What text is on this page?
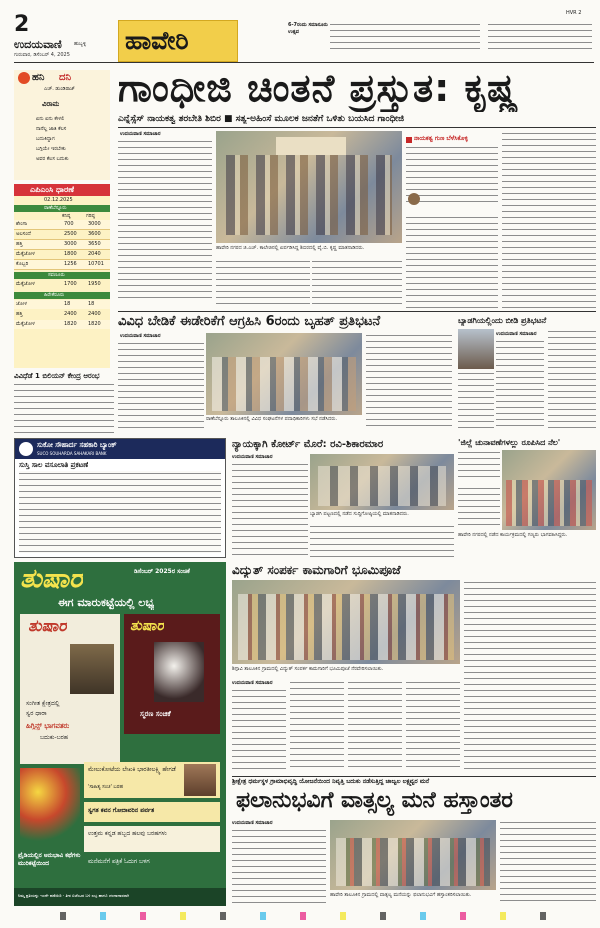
2
ಉದಯವಾಣಿ ಹುಬ್ಬಳ್ಳಿ
ಗುರುವಾರ, ಡಿಸೆಂಬರ್ 4, 2025 ಹಾವೇರಿ
6-7ರಂದು ಸಮಾನೂರು ಉತ್ಸವ
HVR 2
ಹನಿ ದನಿ
ಎಚ್. ಡುಂಡಿರಾಜ್
ವಿರಾಮ
ಏನು ಏನು ಕೇಳಲಿ
ನಾನೆಲ್ಲ ಜಾತಿ ಕೆಲಸ
ಬದುಕಿದ್ದಾಗ
ಬಗ್ಗಿಯೇ ಇರಬೇಕು
ಅವರ ಕೆಲಸ ಬದುಕು
ಎಪಿಎಂಸಿ ಧಾರಣೆ
02.12.2025
ರಾಣೆಬೆನ್ನೂರು
ಕನಿಷ್ಠ	ಗರಿಷ್ಠ
ಶೇಂಗಾ	700	3000
ಅಲಸಂದೆ	2500 3600
ಹತ್ತಿ	3000 3650
ಮೆಕ್ಕೆಜೋಳ	1800 2040
ಕೊಬ್ಬರಿ	1256 10701
ಸವಣೂರು
ಮೆಕ್ಕೆಜೋಳ	1700 1950
ಹಿರೇಕೆರೂರು
ಜೋಳ	18	18
ಹತ್ತಿ	2400 2400
ಮೆಕ್ಕೆಜೋಳ	1820 1820
ವಿವಿಧೆಡೆ 1 ಬಿಲಿಯನ್ ಕೇಂದ್ರ ಆರಂಭ
ಗಾಂಧೀಜಿ ಚಿಂತನೆ ಪ್ರಸ್ತುತ: ಕೃಷ್ಣ
ಎನ್ನೆಸ್ಸೆಸ್ ನಾಯಕತ್ವ ತರಬೇತಿ ಶಿಬಿರ ■ ಸತ್ಯ-ಅಹಿಂಸೆ ಮೂಲಕ ಜನತೆಗೆ ಒಳಿತು ಬಯಸಿದ ಗಾಂಧೀಜಿ
ಉದಯವಾಣಿ ಸಮಾಚಾರ
ಹಾವೇರಿ ನಗರದ ಜಿ.ಎಚ್. ಕಾಲೇಜಿನಲ್ಲಿ ಏರ್ಪಡಿಸಿದ್ದ ಶಿಬಿರದಲ್ಲಿ ವೈ.ಬಿ. ಕೃಷ್ಣ ಮಾತನಾಡಿದರು.
ನಾಯಕತ್ವ ಗುಣ ಬೆಳೆಸಿಕೊಳ್ಳಿ
ವಿವಿಧ ಬೇಡಿಕೆ ಈಡೇರಿಕೆಗೆ ಆಗ್ರಹಿಸಿ 6ರಂದು ಬೃಹತ್ ಪ್ರತಿಭಟನೆ
ಉದಯವಾಣಿ ಸಮಾಚಾರ
ರಾಣೆಬೆನ್ನೂರು ತಾಲೂಕಿನಲ್ಲಿ ವಿವಿಧ ಸಂಘಟನೆಗಳ ಪದಾಧಿಕಾರಿಗಳು ಸಭೆ ನಡೆಸಿದರು.
ಬ್ಯಾಡಗಿಯಲ್ಲಿಂದು ಬೀಡಿ ಪ್ರತಿಭಟನೆ
ಉದಯವಾಣಿ ಸಮಾಚಾರ
ಸುಕೋ ಸೌಹಾರ್ದ ಸಹಕಾರಿ ಬ್ಯಾಂಕ್
SUCO SOUHARDA SAHAKARI BANK
ಸುಸ್ತಿ ಸಾಲ ವಸೂಲಾತಿ ಪ್ರಕಟಣೆ
ನ್ಯಾಯಕ್ಕಾಗಿ ಕೋರ್ಟ್ ಮೊರೆ: ರವಿ-ಶಿಕಾರಮಾರ
ಉದಯವಾಣಿ ಸಮಾಚಾರ
ಬ್ಯಾಡಗಿ ಪಟ್ಟಣದಲ್ಲಿ ನಡೆದ ಸುದ್ದಿಗೋಷ್ಠಿಯಲ್ಲಿ ಮಾತನಾಡಿದರು.
'ಜಿಲ್ಲೆ ಚುನಾವಣೆಗಳಲ್ಲು ರೂಪಿಸಿದ ನೆಲ'
ಹಾವೇರಿ ನಗರದಲ್ಲಿ ನಡೆದ ಕಾರ್ಯಕ್ರಮದಲ್ಲಿ ಗಣ್ಯರು ಭಾಗವಹಿಸಿದ್ದರು.
ತುಷಾರ	ಡಿಸೆಂಬರ್ 2025ರ ಸಂಚಿಕೆ
ಈಗ ಮಾರುಕಟ್ಟೆಯಲ್ಲಿ ಲಭ್ಯ
ತುಷಾರ
ಸಂಗೀತ ಕ್ಷೇತ್ರದಲ್ಲಿ
ಸ್ವರ ಧಾರಾ
ಹಿಗ್ಗಿನ್ಸ್ ಭಾಗವತರು
ಬದುಕು-ಬರಹ
ತುಷಾರ
ಸ್ಮರಣ ಸಂಚಿಕೆ
ಮೇಲುಕೋಟೆಯ ಲೇಖಕಿ ಭಾರತೀಲಕ್ಷ್ಮಿ ಹೇಗಡೆ
'ಸಾಹಿತ್ಯ ಸಂಚ' ಬರಹ
ಸ್ವಗತ ಕವನ ಗೋದಾವರಿನ ಪರ್ವತ
ಉತ್ತಮ ಕನ್ನಡ ಹಬ್ಬದ ಹಲವು ಬರಹಗಳು
ಪ್ರೈಡಿಯಲ್ಲಿನ ಅನುಭಾವಿ ಕಥೆಗಳು ಮುರಿಕಟ್ಟೆಯಿಂದ	ಮನೆಮನೆಗೆ ಪತ್ರಿಕೆ ಓದುಗ ಬಳಗ
ನಿಮ್ಮ ಪ್ರತಿಯನ್ನು ಇಂದೇ ಪಡೆಯಿರಿ - ತೀರ ಏಜೆಂಟರ ಬಳಿ ಲಭ್ಯ ಹಾಗೂ ಚಂದಾದಾರರಾಗಿ
ವಿದ್ಯುತ್ ಸಂಪರ್ಕ ಕಾಮಗಾರಿಗೆ ಭೂಮಿಪೂಜೆ
ಶಿಗ್ಗಾವಿ ತಾಲೂಕಿನ ಗ್ರಾಮದಲ್ಲಿ ವಿದ್ಯುತ್ ಸಂಪರ್ಕ ಕಾಮಗಾರಿಗೆ ಭೂಮಿಪೂಜೆ ನೆರವೇರಿಸಲಾಯಿತು.
ಉದಯವಾಣಿ ಸಮಾಚಾರ
ಶ್ರೀಕ್ಷೇತ್ರ ಧರ್ಮಸ್ಥಳ ಗ್ರಾಮಾಭಿವೃದ್ಧಿ ಯೋಜನೆಯಿಂದ ನಿವೃತ್ತಿ ಬದುಕು ನಡೆಸುತ್ತಿದ್ದ ಜಾಜ್ವಲ ಲಕ್ಷ್ಮವ್ವರ ಮನೆ
ಫಲಾನುಭವಿಗೆ ವಾತ್ಸಲ್ಯ ಮನೆ ಹಸ್ತಾಂತರ
ಉದಯವಾಣಿ ಸಮಾಚಾರ
ಹಾವೇರಿ ತಾಲೂಕಿನ ಗ್ರಾಮದಲ್ಲಿ ವಾತ್ಸಲ್ಯ ಮನೆಯನ್ನು ಫಲಾನುಭವಿಗೆ ಹಸ್ತಾಂತರಿಸಲಾಯಿತು.
